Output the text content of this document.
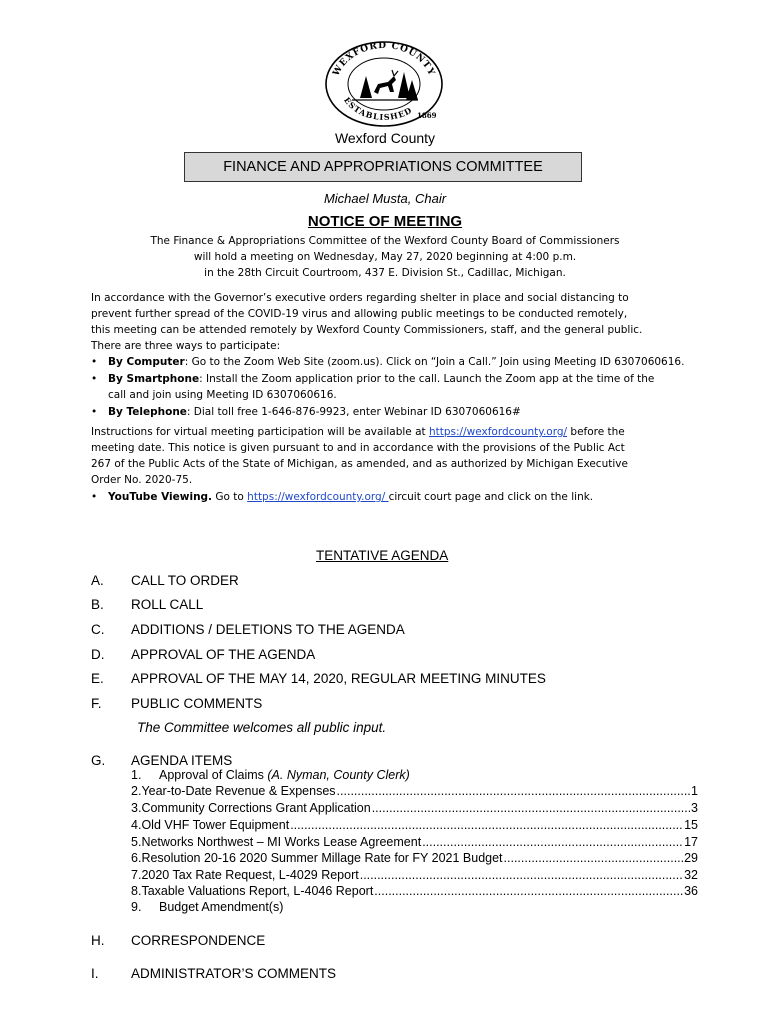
WEXFORD COUNTY
ESTABLISHED 1869
Wexford County
FINANCE AND APPROPRIATIONS COMMITTEE
Michael Musta, Chair
NOTICE OF MEETING
The Finance & Appropriations Committee of the Wexford County Board of Commissioners
will hold a meeting on Wednesday, May 27, 2020 beginning at 4:00 p.m.
in the 28th Circuit Courtroom, 437 E. Division St., Cadillac, Michigan.
In accordance with the Governor’s executive orders regarding shelter in place and social distancing to
prevent further spread of the COVID-19 virus and allowing public meetings to be conducted remotely,
this meeting can be attended remotely by Wexford County Commissioners, staff, and the general public.
There are three ways to participate:
• By Computer: Go to the Zoom Web Site (zoom.us). Click on “Join a Call.” Join using Meeting ID 6307060616.
• By Smartphone: Install the Zoom application prior to the call. Launch the Zoom app at the time of the
call and join using Meeting ID 6307060616.
• By Telephone: Dial toll free 1-646-876-9923, enter Webinar ID 6307060616#
Instructions for virtual meeting participation will be available at https://wexfordcounty.org/ before the
meeting date. This notice is given pursuant to and in accordance with the provisions of the Public Act
267 of the Public Acts of the State of Michigan, as amended, and as authorized by Michigan Executive
Order No. 2020-75.
• YouTube Viewing. Go to https://wexfordcounty.org/ circuit court page and click on the link.
TENTATIVE AGENDA
A. CALL TO ORDER
B. ROLL CALL
C. ADDITIONS / DELETIONS TO THE AGENDA
D. APPROVAL OF THE AGENDA
E. APPROVAL OF THE MAY 14, 2020, REGULAR MEETING MINUTES
F. PUBLIC COMMENTS
The Committee welcomes all public input.
G. AGENDA ITEMS
1.	Approval of Claims
(A. Nyman, County Clerk)
2. Year-to-Date Revenue & Expenses .....	1
3. Community Corrections Grant Application .....	3
4. Old VHF Tower Equipment .....	15
5. Networks Northwest – MI Works Lease Agreement .....	17
6. Resolution 20-16 2020 Summer Millage Rate for FY 2021 Budget .....	29
7. 2020 Tax Rate Request, L-4029 Report .....	32
8. Taxable Valuations Report, L-4046 Report .....	36
9.	Budget Amendment(s)
H. CORRESPONDENCE
I. ADMINISTRATOR’S COMMENTS
